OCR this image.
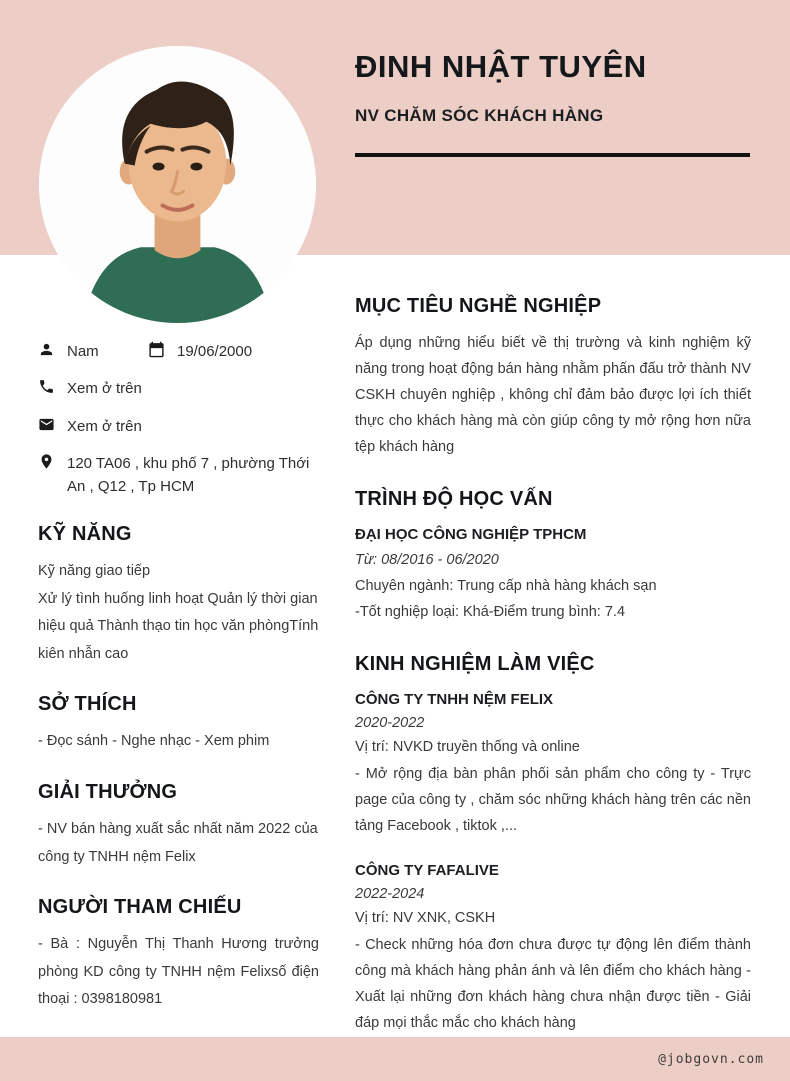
ĐINH NHẬT TUYÊN
NV CHĂM SÓC KHÁCH HÀNG
Nam	19/06/2000
Xem ở trên
Xem ở trên
120 TA06 , khu phố 7 , phường Thới An , Q12 , Tp HCM
KỸ NĂNG
Kỹ năng giao tiếp
Xử lý tình huống linh hoạt Quản lý thời gian hiệu quả Thành thạo tin học văn phòngTính kiên nhẫn cao
SỞ THÍCH
- Đọc sánh - Nghe nhạc - Xem phim
GIẢI THƯỞNG
- NV bán hàng xuất sắc nhất năm 2022 của công ty TNHH nệm Felix
NGƯỜI THAM CHIẾU
- Bà : Nguyễn Thị Thanh Hương trưởng phòng KD công ty TNHH nệm Felixsố điện thoại : 0398180981
MỤC TIÊU NGHỀ NGHIỆP
Áp dụng những hiểu biết về thị trường và kinh nghiệm kỹ năng trong hoạt động bán hàng nhằm phấn đấu trở thành NV CSKH chuyên nghiệp , không chỉ đảm bảo được lợi ích thiết thực cho khách hàng mà còn giúp công ty mở rộng hơn nữa tệp khách hàng
TRÌNH ĐỘ HỌC VẤN
ĐẠI HỌC CÔNG NGHIỆP TPHCM
Từ: 08/2016 - 06/2020
Chuyên ngành: Trung cấp nhà hàng khách sạn
-Tốt nghiệp loại: Khá-Điểm trung bình: 7.4
KINH NGHIỆM LÀM VIỆC
CÔNG TY TNHH NỆM FELIX
2020-2022
Vị trí: NVKD truyền thống và online
- Mở rộng địa bàn phân phối sản phẩm cho công ty - Trực page của công ty , chăm sóc những khách hàng trên các nền tảng Facebook , tiktok ,...
CÔNG TY FAFALIVE
2022-2024
Vị trí: NV XNK, CSKH
- Check những hóa đơn chưa được tự động lên điểm thành công mà khách hàng phản ánh và lên điểm cho khách hàng - Xuất lại những đơn khách hàng chưa nhận được tiền - Giải đáp mọi thắc mắc cho khách hàng
@jobgovn.com
